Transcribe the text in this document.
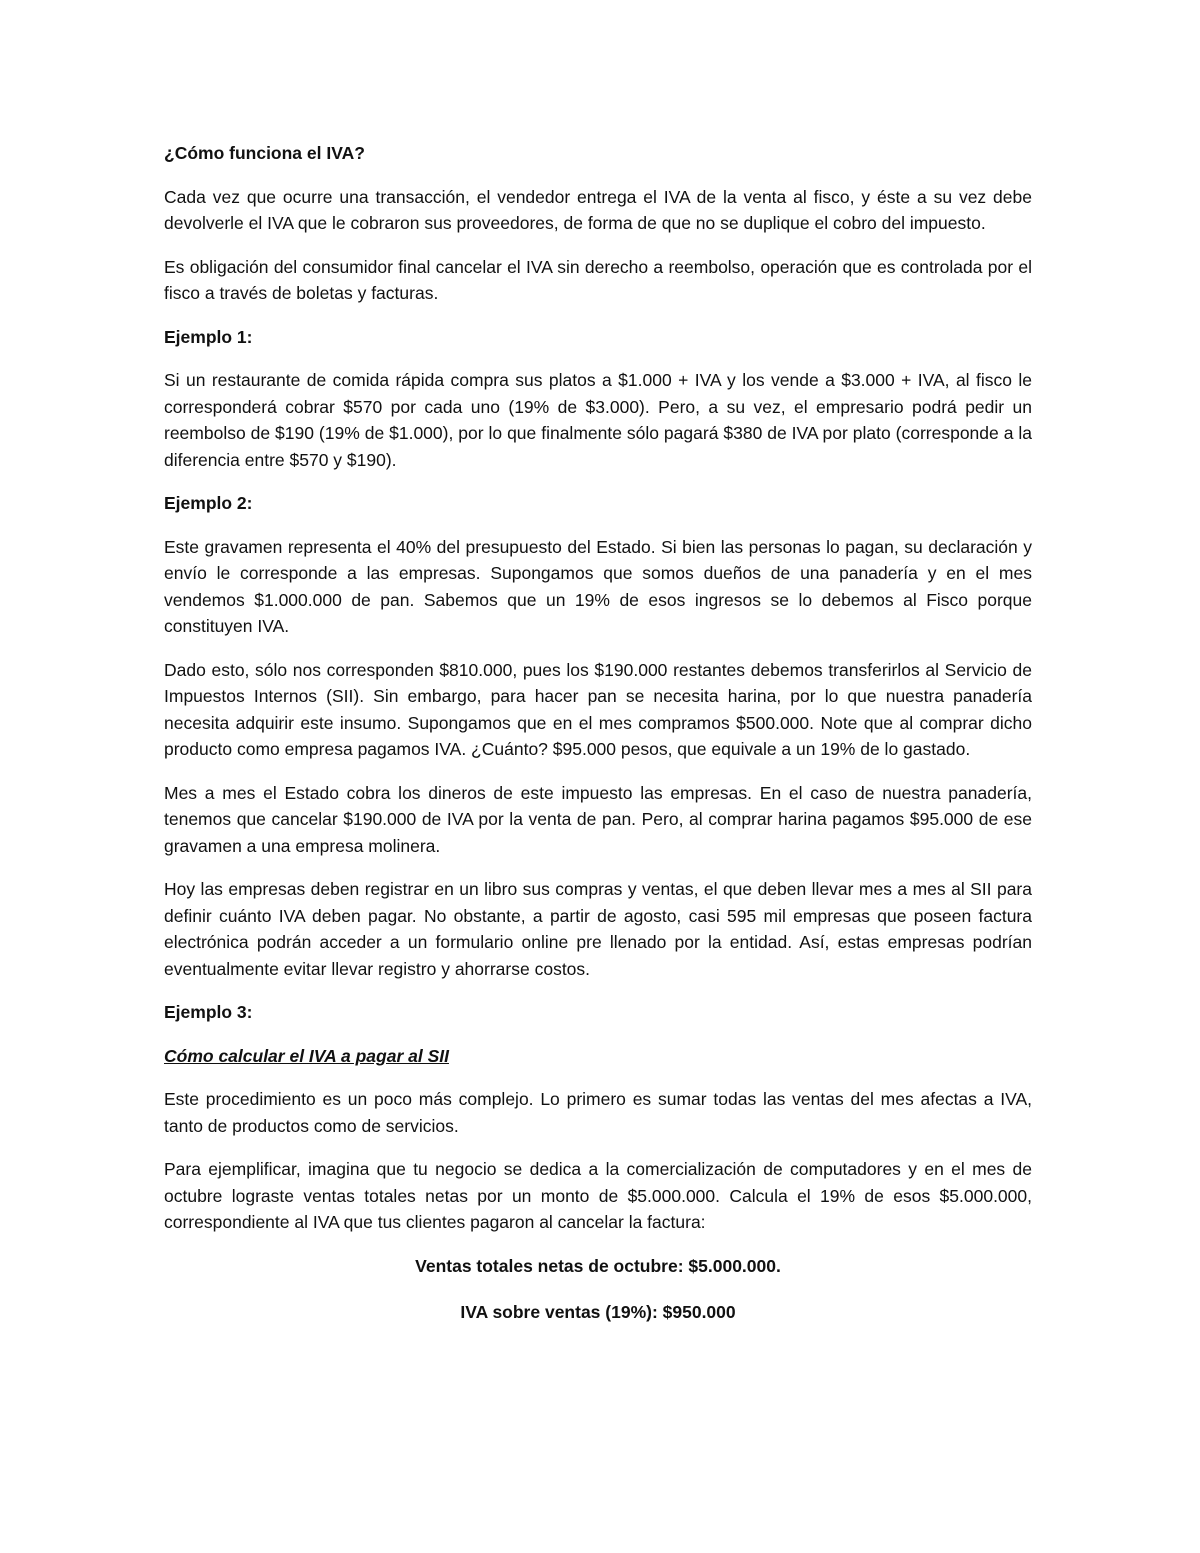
¿Cómo funciona el IVA?

Cada vez que ocurre una transacción, el vendedor entrega el IVA de la venta al fisco, y éste a su vez debe devolverle el IVA que le cobraron sus proveedores, de forma de que no se duplique el cobro del impuesto.

Es obligación del consumidor final cancelar el IVA sin derecho a reembolso, operación que es controlada por el fisco a través de boletas y facturas.

Ejemplo 1:

Si un restaurante de comida rápida compra sus platos a $1.000 + IVA y los vende a $3.000 + IVA, al fisco le corresponderá cobrar $570 por cada uno (19% de $3.000). Pero, a su vez, el empresario podrá pedir un reembolso de $190 (19% de $1.000), por lo que finalmente sólo pagará $380 de IVA por plato (corresponde a la diferencia entre $570 y $190).

Ejemplo 2:

Este gravamen representa el 40% del presupuesto del Estado. Si bien las personas lo pagan, su declaración y envío le corresponde a las empresas. Supongamos que somos dueños de una panadería y en el mes vendemos $1.000.000 de pan. Sabemos que un 19% de esos ingresos se lo debemos al Fisco porque constituyen IVA.

Dado esto, sólo nos corresponden $810.000, pues los $190.000 restantes debemos transferirlos al Servicio de Impuestos Internos (SII). Sin embargo, para hacer pan se necesita harina, por lo que nuestra panadería necesita adquirir este insumo. Supongamos que en el mes compramos $500.000. Note que al comprar dicho producto como empresa pagamos IVA. ¿Cuánto? $95.000 pesos, que equivale a un 19% de lo gastado.

Mes a mes el Estado cobra los dineros de este impuesto las empresas. En el caso de nuestra panadería, tenemos que cancelar $190.000 de IVA por la venta de pan. Pero, al comprar harina pagamos $95.000 de ese gravamen a una empresa molinera.

Hoy las empresas deben registrar en un libro sus compras y ventas, el que deben llevar mes a mes al SII para definir cuánto IVA deben pagar. No obstante, a partir de agosto, casi 595 mil empresas que poseen factura electrónica podrán acceder a un formulario online pre llenado por la entidad. Así, estas empresas podrían eventualmente evitar llevar registro y ahorrarse costos.

Ejemplo 3:

Cómo calcular el IVA a pagar al SII

Este procedimiento es un poco más complejo. Lo primero es sumar todas las ventas del mes afectas a IVA, tanto de productos como de servicios.

Para ejemplificar, imagina que tu negocio se dedica a la comercialización de computadores y en el mes de octubre lograste ventas totales netas por un monto de $5.000.000. Calcula el 19% de esos $5.000.000, correspondiente al IVA que tus clientes pagaron al cancelar la factura:

Ventas totales netas de octubre: $5.000.000.

IVA sobre ventas (19%): $950.000
